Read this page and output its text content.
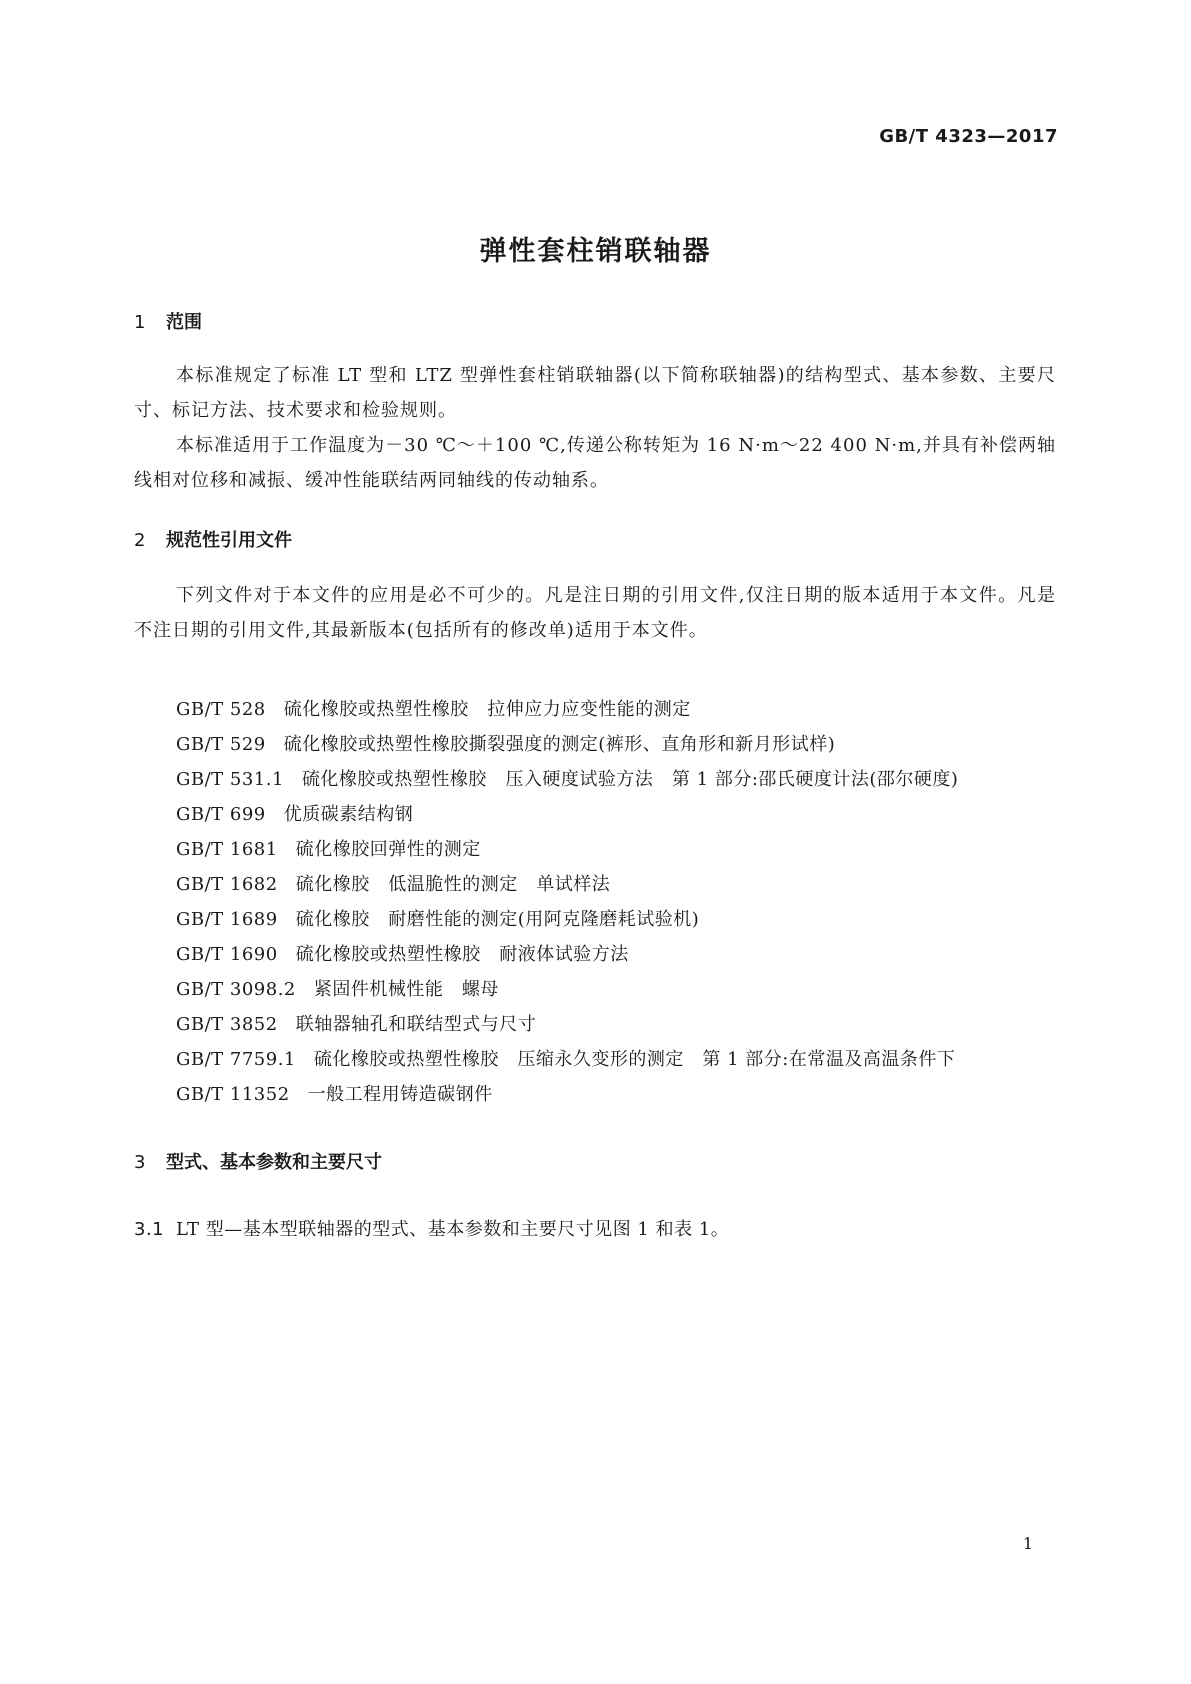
GB/T 4323—2017
弹性套柱销联轴器
1 范围

本标准规定了标准 LT 型和 LTZ 型弹性套柱销联轴器(以下简称联轴器)的结构型式、基本参数、主要尺寸、标记方法、技术要求和检验规则。

本标准适用于工作温度为－30 ℃～＋100 ℃,传递公称转矩为 16 N·m～22 400 N·m,并具有补偿两轴线相对位移和减振、缓冲性能联结两同轴线的传动轴系。

2 规范性引用文件

下列文件对于本文件的应用是必不可少的。凡是注日期的引用文件,仅注日期的版本适用于本文件。凡是不注日期的引用文件,其最新版本(包括所有的修改单)适用于本文件。

GB/T 528 硫化橡胶或热塑性橡胶　拉伸应力应变性能的测定
GB/T 529 硫化橡胶或热塑性橡胶撕裂强度的测定(裤形、直角形和新月形试样)
GB/T 531.1 硫化橡胶或热塑性橡胶　压入硬度试验方法　第 1 部分:邵氏硬度计法(邵尔硬度)
GB/T 699 优质碳素结构钢
GB/T 1681 硫化橡胶回弹性的测定
GB/T 1682 硫化橡胶　低温脆性的测定　单试样法
GB/T 1689 硫化橡胶　耐磨性能的测定(用阿克隆磨耗试验机)
GB/T 1690 硫化橡胶或热塑性橡胶　耐液体试验方法
GB/T 3098.2 紧固件机械性能　螺母
GB/T 3852 联轴器轴孔和联结型式与尺寸
GB/T 7759.1 硫化橡胶或热塑性橡胶　压缩永久变形的测定　第 1 部分:在常温及高温条件下
GB/T 11352 一般工程用铸造碳钢件
3 型式、基本参数和主要尺寸
3.1 LT 型—基本型联轴器的型式、基本参数和主要尺寸见图 1 和表 1。
1
